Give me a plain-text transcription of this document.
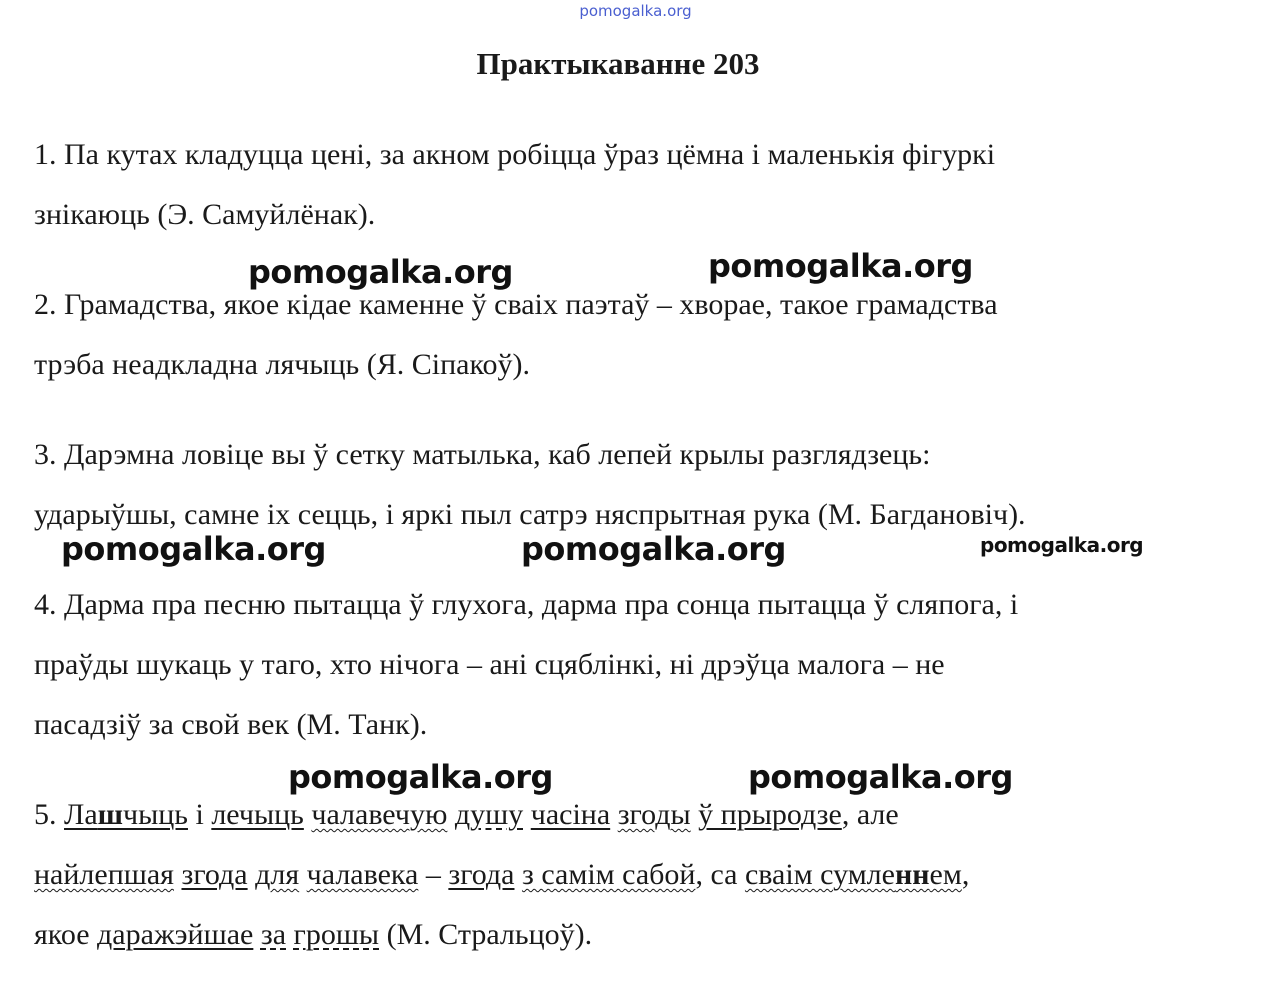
pomogalka.org
Практыкаванне 203
1. Па кутах кладуцца цені, за акном робіцца ўраз цёмна і маленькія фігуркі
знікаюць (Э. Самуйлёнак).
pomogalka.org	pomogalka.org
2. Грамадства, якое кідае каменне ў сваіх паэтаў – хворае, такое грамадства
трэба неадкладна лячыць (Я. Сіпакоў).
3. Дарэмна ловіце вы ў сетку матылька, каб лепей крылы разглядзець:
ударыўшы, самне іх сецць, і яркі пыл сатрэ няспрытная рука (М. Багдановіч).
pomogalka.org	pomogalka.org	pomogalka.org
4. Дарма пра песню пытацца ў глухога, дарма пра сонца пытацца ў сляпога, і
праўды шукаць у таго, хто нічога – ані сцяблінкі, ні дрэўца малога – не
пасадзіў за свой век (М. Танк).
pomogalka.org	pomogalka.org
5. Лашчыць і лечыць чалавечую душу часіна згоды ў прыродзе, але
найлепшая згода для чалавека – згода з самім сабой, са сваім сумленнем,
якое даражэйшае за грошы (М. Стральцоў).
